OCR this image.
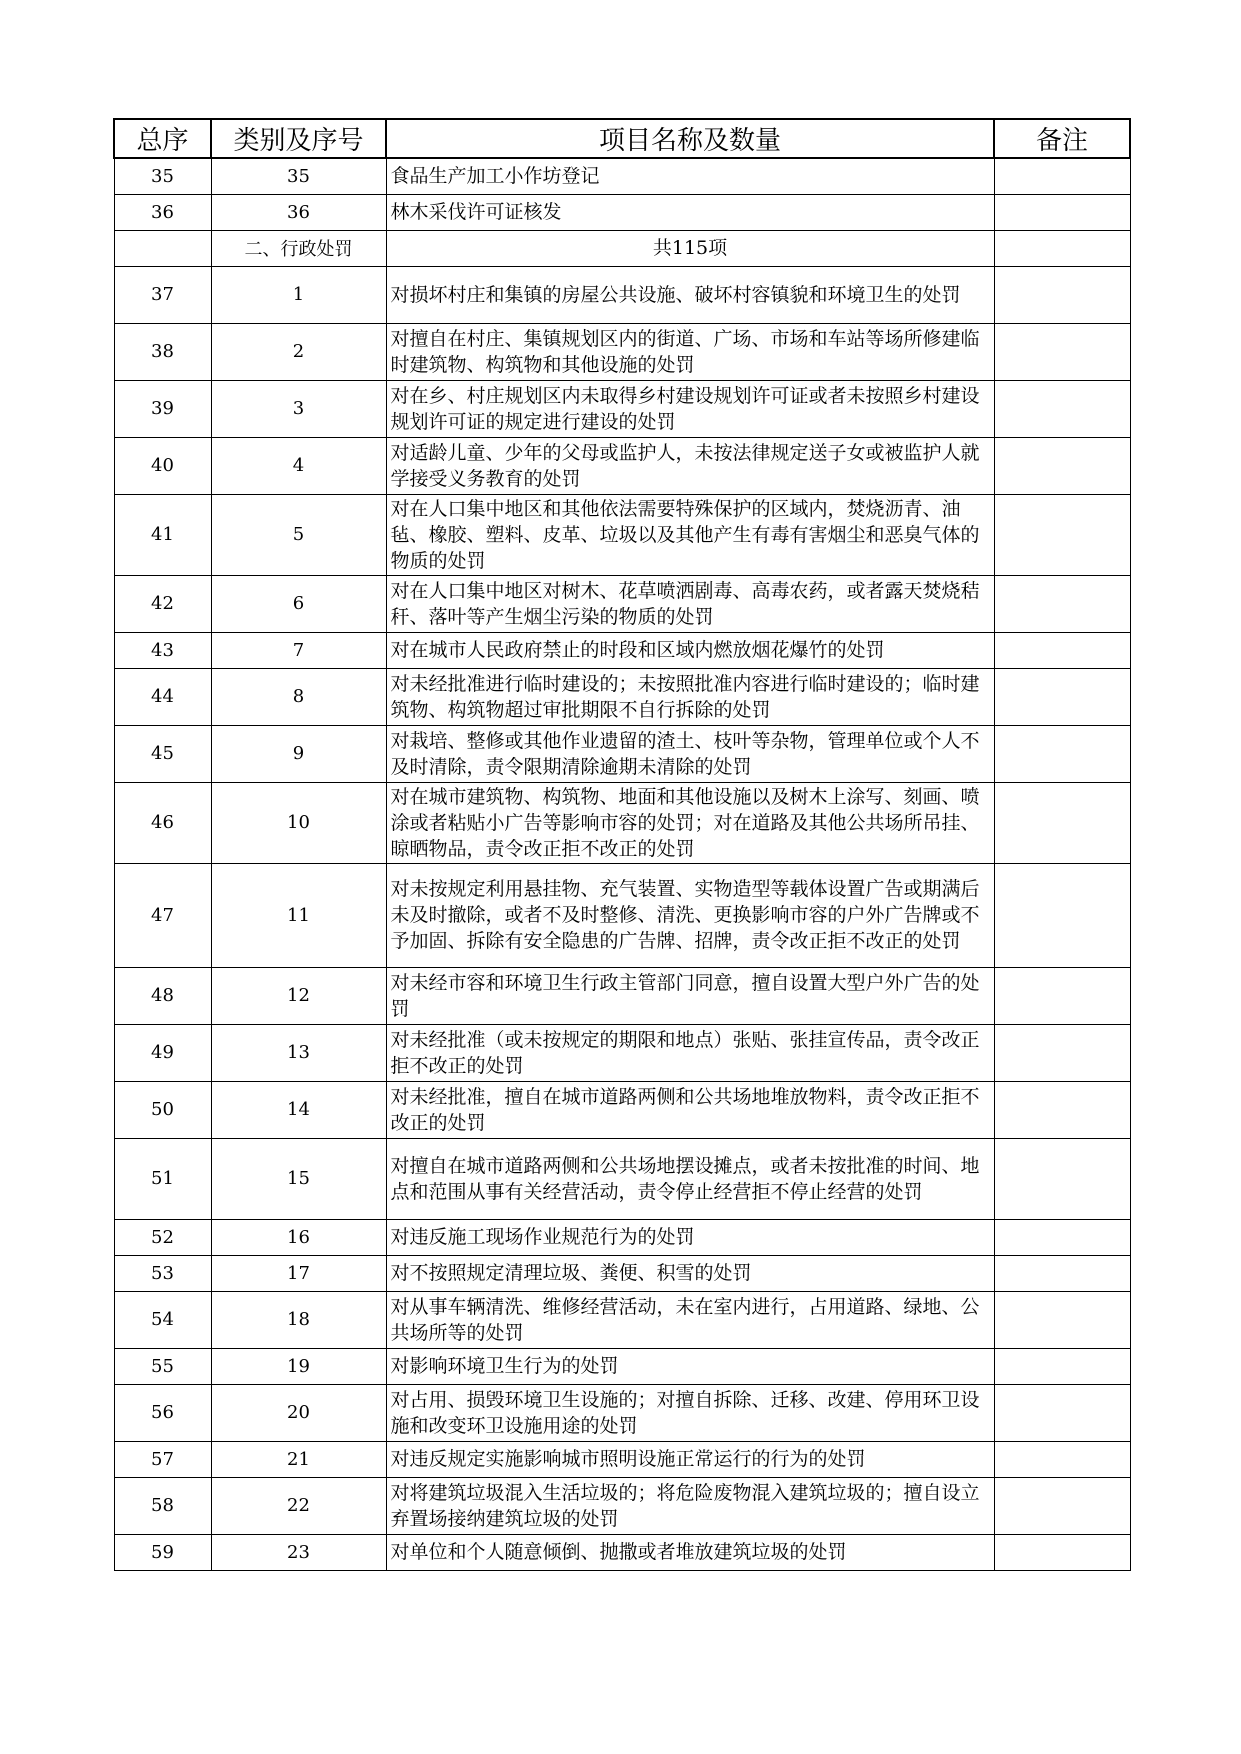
总序	类别及序号	项目名称及数量	备注
35	35	食品生产加工小作坊登记	
36	36	林木采伐许可证核发	
	二、行政处罚	共115项	
37	1	对损坏村庄和集镇的房屋公共设施、破坏村容镇貌和环境卫生的处罚	
38	2	对擅自在村庄、集镇规划区内的街道、广场、市场和车站等场所修建临时建筑物、构筑物和其他设施的处罚	
39	3	对在乡、村庄规划区内未取得乡村建设规划许可证或者未按照乡村建设规划许可证的规定进行建设的处罚	
40	4	对适龄儿童、少年的父母或监护人，未按法律规定送子女或被监护人就学接受义务教育的处罚	
41	5	对在人口集中地区和其他依法需要特殊保护的区域内，焚烧沥青、油毡、橡胶、塑料、皮革、垃圾以及其他产生有毒有害烟尘和恶臭气体的物质的处罚	
42	6	对在人口集中地区对树木、花草喷洒剧毒、高毒农药，或者露天焚烧秸秆、落叶等产生烟尘污染的物质的处罚	
43	7	对在城市人民政府禁止的时段和区域内燃放烟花爆竹的处罚	
44	8	对未经批准进行临时建设的；未按照批准内容进行临时建设的；临时建筑物、构筑物超过审批期限不自行拆除的处罚	
45	9	对栽培、整修或其他作业遗留的渣土、枝叶等杂物，管理单位或个人不及时清除，责令限期清除逾期未清除的处罚	
46	10	对在城市建筑物、构筑物、地面和其他设施以及树木上涂写、刻画、喷涂或者粘贴小广告等影响市容的处罚；对在道路及其他公共场所吊挂、晾晒物品，责令改正拒不改正的处罚	
47	11	对未按规定利用悬挂物、充气装置、实物造型等载体设置广告或期满后未及时撤除，或者不及时整修、清洗、更换影响市容的户外广告牌或不予加固、拆除有安全隐患的广告牌、招牌，责令改正拒不改正的处罚	
48	12	对未经市容和环境卫生行政主管部门同意，擅自设置大型户外广告的处罚	
49	13	对未经批准（或未按规定的期限和地点）张贴、张挂宣传品，责令改正拒不改正的处罚	
50	14	对未经批准，擅自在城市道路两侧和公共场地堆放物料，责令改正拒不改正的处罚	
51	15	对擅自在城市道路两侧和公共场地摆设摊点，或者未按批准的时间、地点和范围从事有关经营活动，责令停止经营拒不停止经营的处罚	
52	16	对违反施工现场作业规范行为的处罚	
53	17	对不按照规定清理垃圾、粪便、积雪的处罚	
54	18	对从事车辆清洗、维修经营活动，未在室内进行，占用道路、绿地、公共场所等的处罚	
55	19	对影响环境卫生行为的处罚	
56	20	对占用、损毁环境卫生设施的；对擅自拆除、迁移、改建、停用环卫设施和改变环卫设施用途的处罚	
57	21	对违反规定实施影响城市照明设施正常运行的行为的处罚	
58	22	对将建筑垃圾混入生活垃圾的；将危险废物混入建筑垃圾的；擅自设立弃置场接纳建筑垃圾的处罚	
59	23	对单位和个人随意倾倒、抛撒或者堆放建筑垃圾的处罚	
